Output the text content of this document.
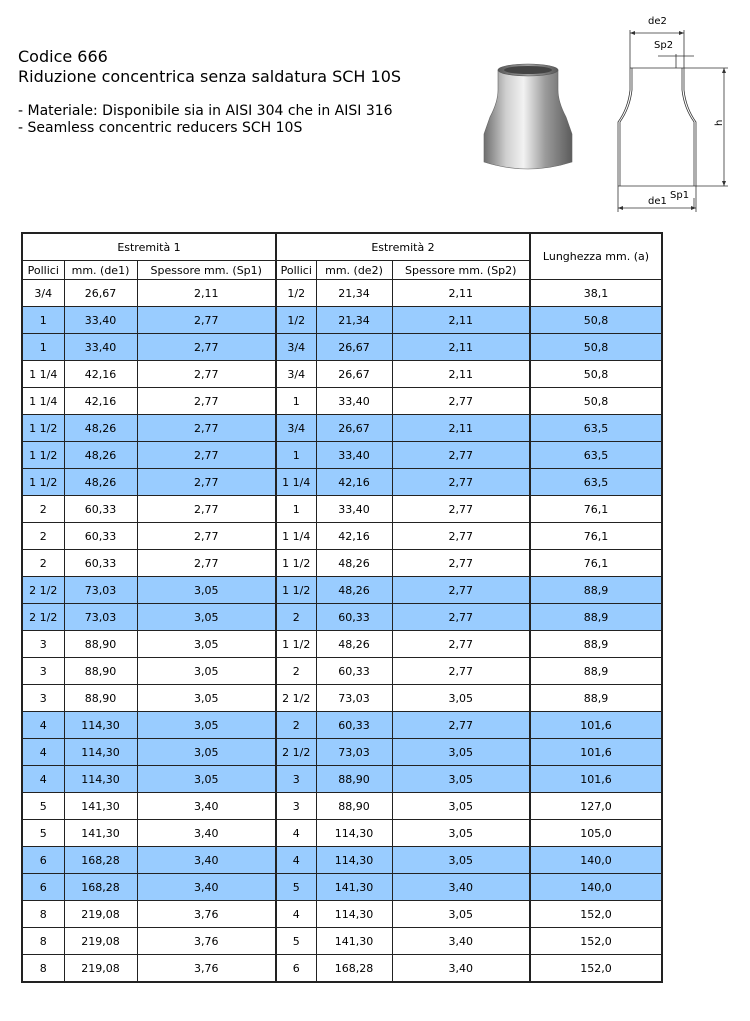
Codice 666
Riduzione concentrica senza saldatura SCH 10S
- Materiale: Disponibile sia in AISI 304 che in AISI 316
- Seamless concentric reducers SCH 10S
de2
Sp2
h
Sp1
de1
Estremità 1			Estremità 2			Lunghezza mm. (a)
Pollici	mm. (de1)	Spessore mm. (Sp1)	Pollici	mm. (de2)	Spessore mm. (Sp2)	
3/4	26,67	2,11	1/2	21,34	2,11	38,1
1	33,40	2,77	1/2	21,34	2,11	50,8
1	33,40	2,77	3/4	26,67	2,11	50,8
1 1/4	42,16	2,77	3/4	26,67	2,11	50,8
1 1/4	42,16	2,77	1	33,40	2,77	50,8
1 1/2	48,26	2,77	3/4	26,67	2,11	63,5
1 1/2	48,26	2,77	1	33,40	2,77	63,5
1 1/2	48,26	2,77	1 1/4	42,16	2,77	63,5
2	60,33	2,77	1	33,40	2,77	76,1
2	60,33	2,77	1 1/4	42,16	2,77	76,1
2	60,33	2,77	1 1/2	48,26	2,77	76,1
2 1/2	73,03	3,05	1 1/2	48,26	2,77	88,9
2 1/2	73,03	3,05	2	60,33	2,77	88,9
3	88,90	3,05	1 1/2	48,26	2,77	88,9
3	88,90	3,05	2	60,33	2,77	88,9
3	88,90	3,05	2 1/2	73,03	3,05	88,9
4	114,30	3,05	2	60,33	2,77	101,6
4	114,30	3,05	2 1/2	73,03	3,05	101,6
4	114,30	3,05	3	88,90	3,05	101,6
5	141,30	3,40	3	88,90	3,05	127,0
5	141,30	3,40	4	114,30	3,05	105,0
6	168,28	3,40	4	114,30	3,05	140,0
6	168,28	3,40	5	141,30	3,40	140,0
8	219,08	3,76	4	114,30	3,05	152,0
8	219,08	3,76	5	141,30	3,40	152,0
8	219,08	3,76	6	168,28	3,40	152,0
